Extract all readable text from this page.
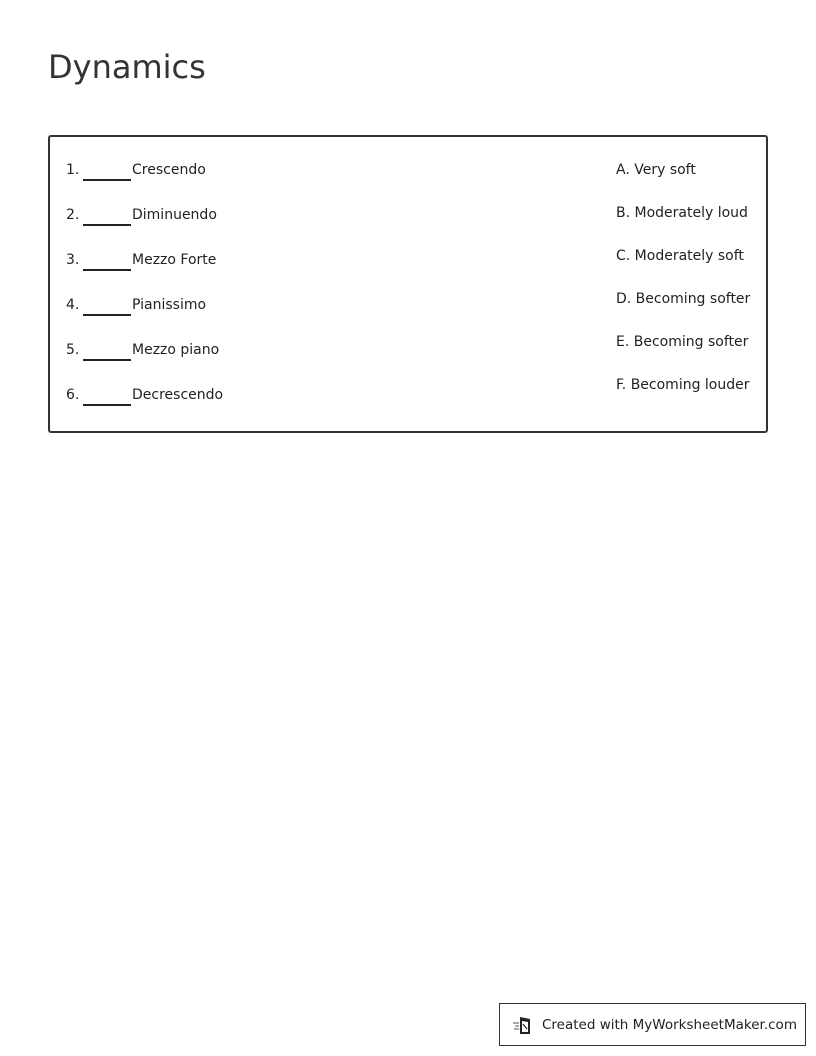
Dynamics
1.	Crescendo
2.	Diminuendo
3.	Mezzo Forte
4.	Pianissimo
5.	Mezzo piano
6.	Decrescendo
A. Very soft
B. Moderately loud
C. Moderately soft
D. Becoming softer
E. Becoming softer
F. Becoming louder
Created with MyWorksheetMaker.com
